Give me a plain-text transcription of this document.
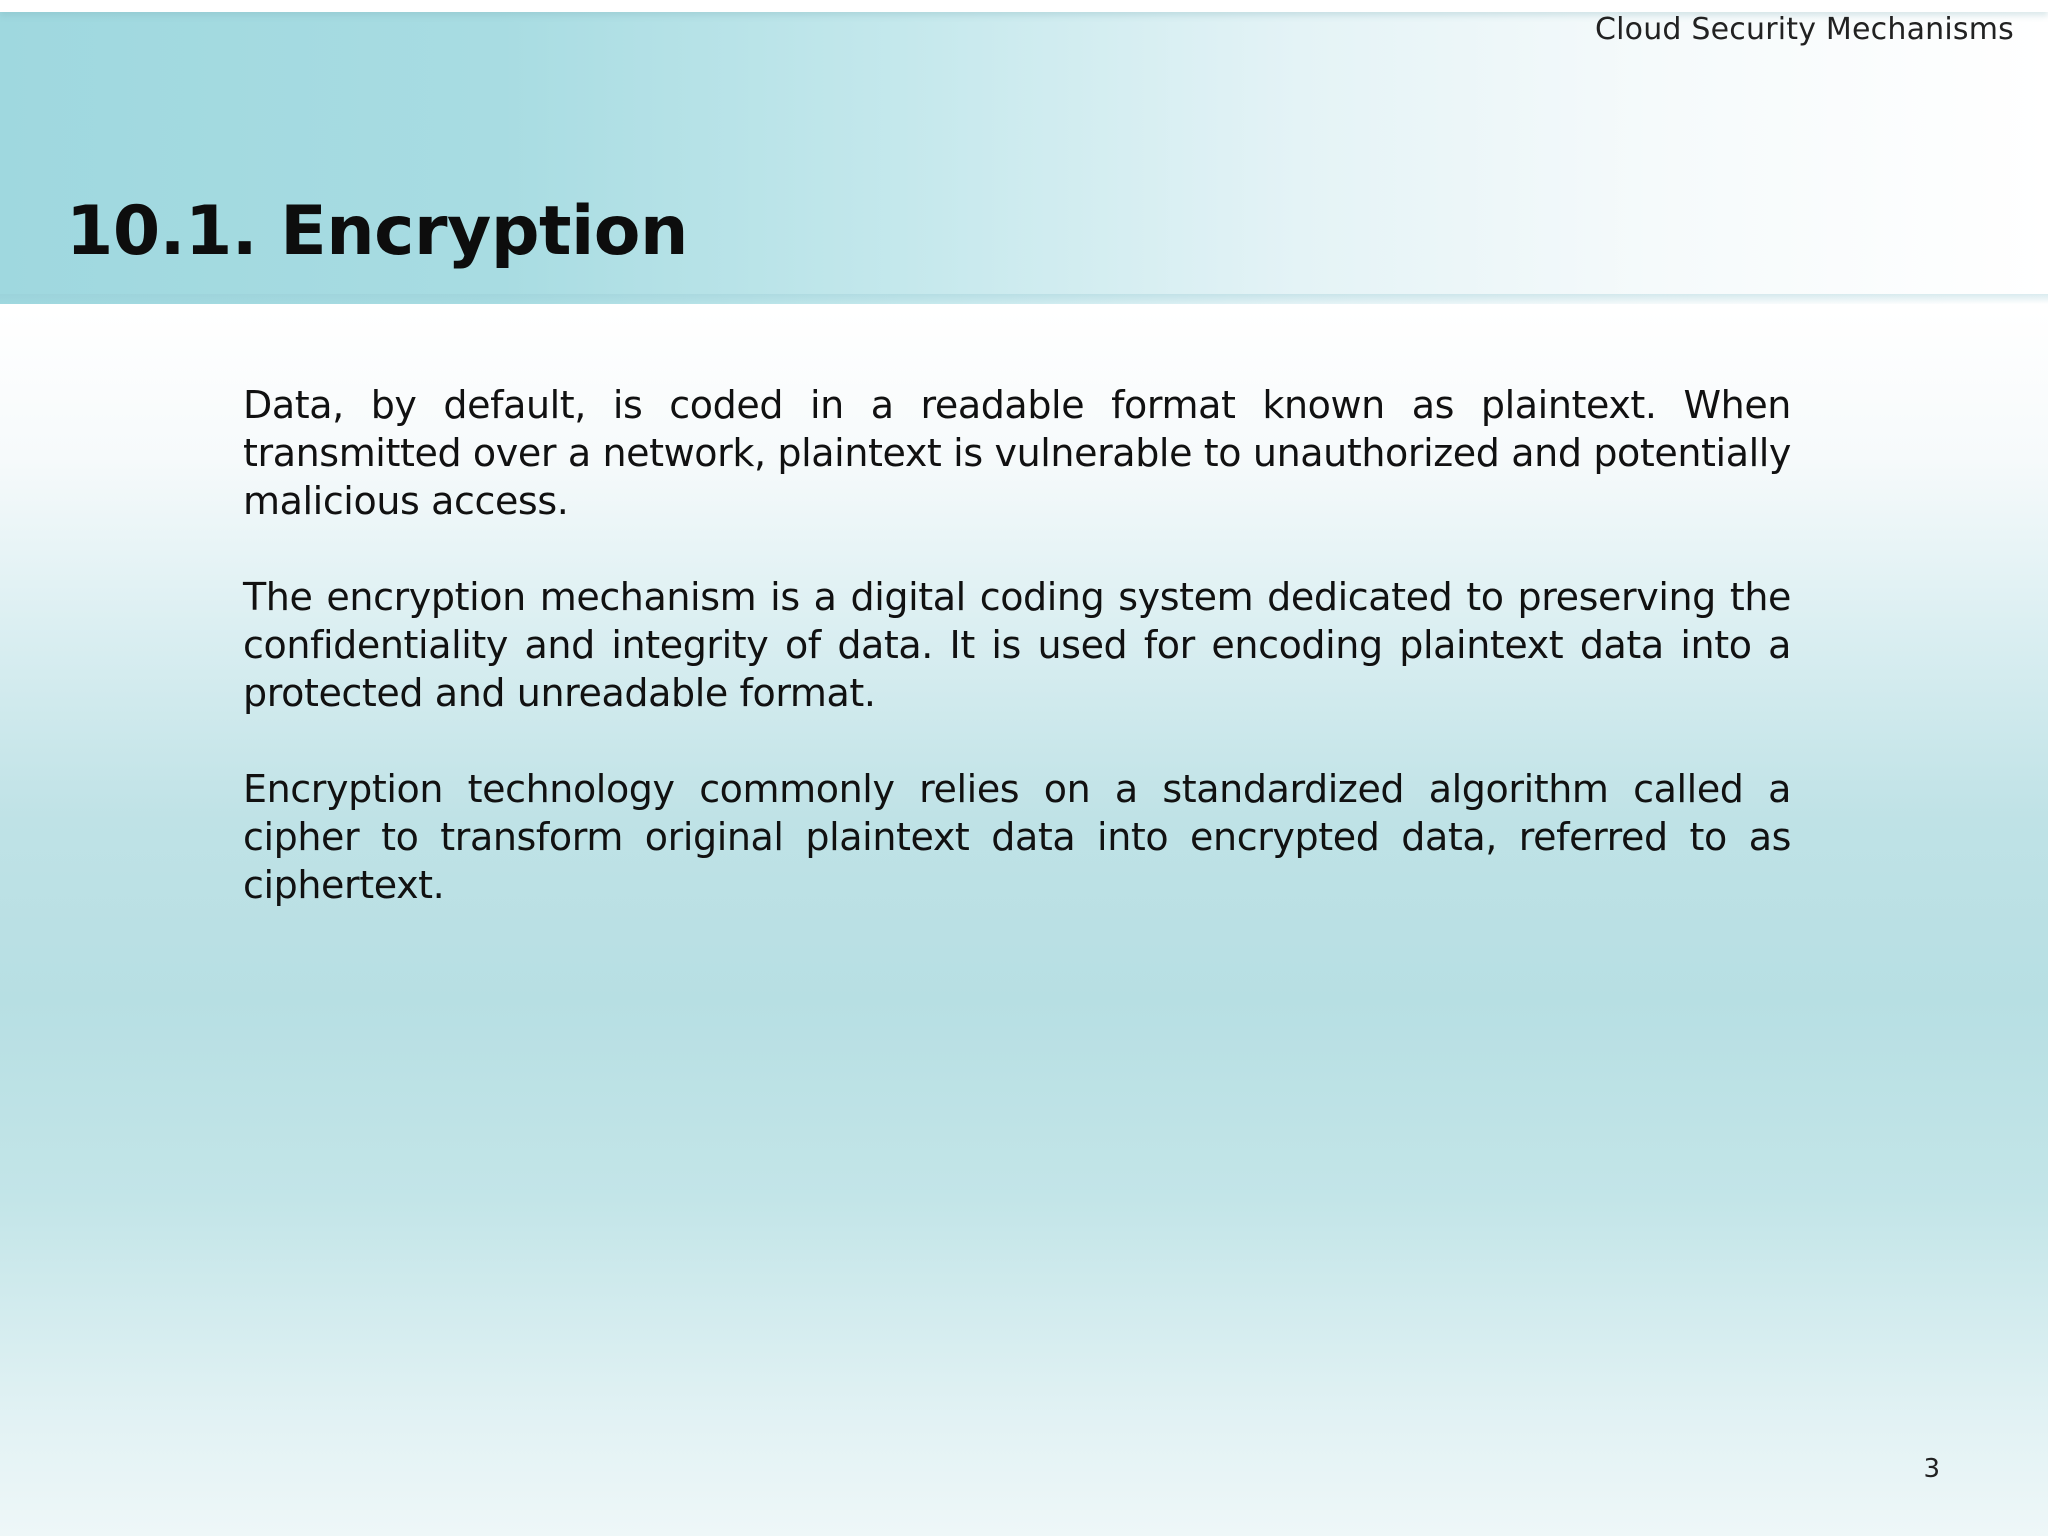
Cloud Security Mechanisms
10.1. Encryption

Data, by default, is coded in a readable format known as plaintext. When transmitted over a network, plaintext is vulnerable to unauthorized and potentially malicious access.

The encryption mechanism is a digital coding system dedicated to preserving the confidentiality and integrity of data. It is used for encoding plaintext data into a protected and unreadable format.

Encryption technology commonly relies on a standardized algorithm called a cipher to transform original plaintext data into encrypted data, referred to as ciphertext.

3
